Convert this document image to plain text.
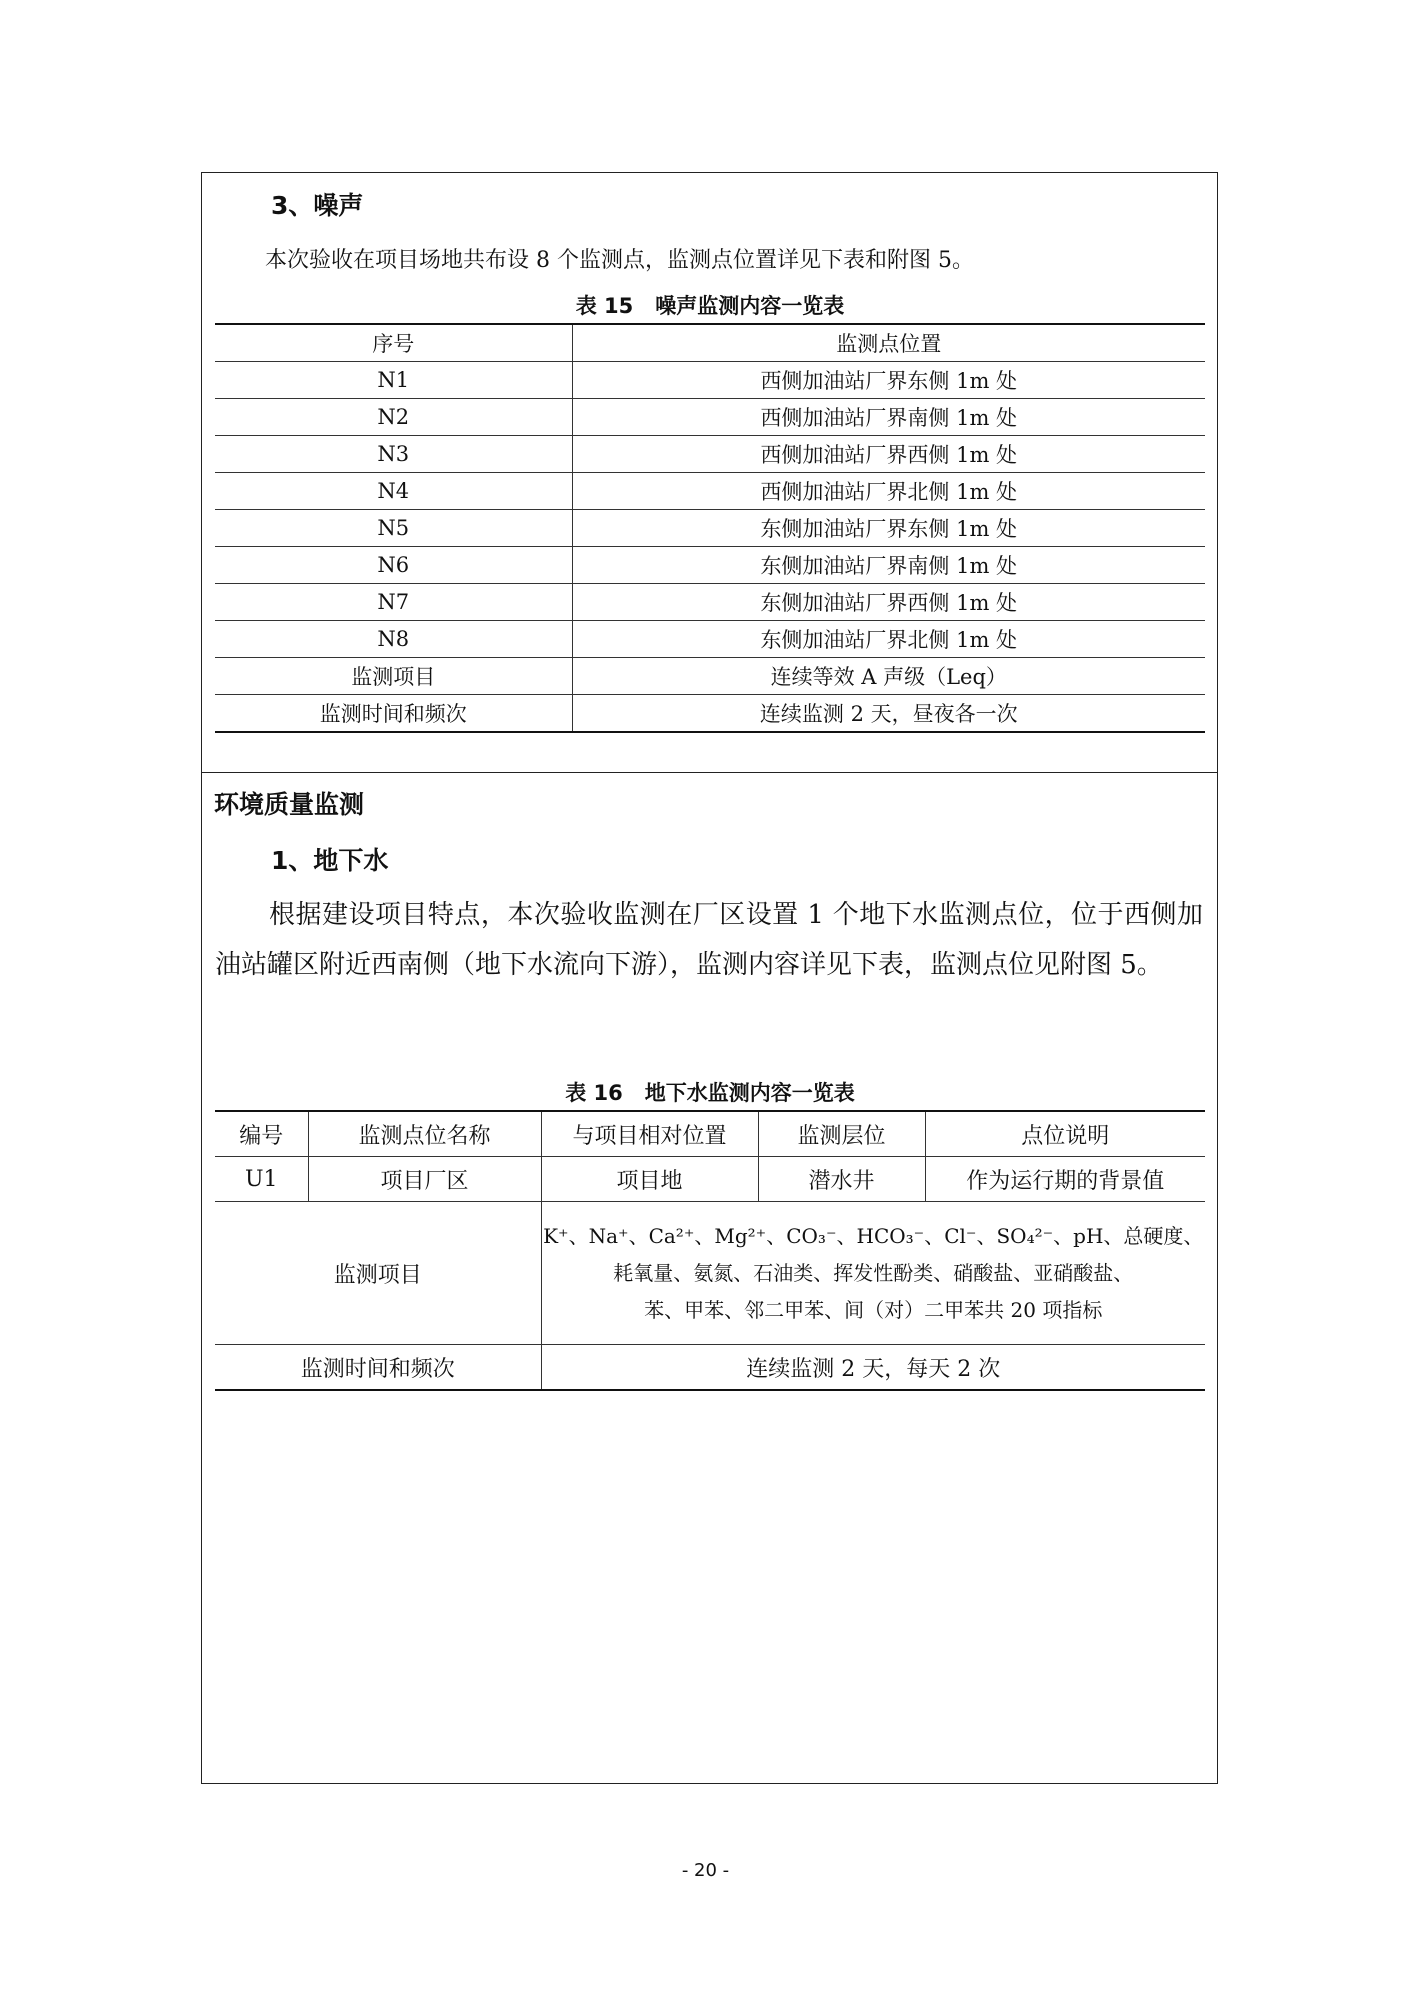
3、噪声
本次验收在项目场地共布设 8 个监测点，监测点位置详见下表和附图 5。
表 15 噪声监测内容一览表
序号	监测点位置
N1	西侧加油站厂界东侧 1m 处
N2	西侧加油站厂界南侧 1m 处
N3	西侧加油站厂界西侧 1m 处
N4	西侧加油站厂界北侧 1m 处
N5	东侧加油站厂界东侧 1m 处
N6	东侧加油站厂界南侧 1m 处
N7	东侧加油站厂界西侧 1m 处
N8	东侧加油站厂界北侧 1m 处
监测项目	连续等效 A 声级（Leq）
监测时间和频次	连续监测 2 天，昼夜各一次
环境质量监测
1、地下水
根据建设项目特点，本次验收监测在厂区设置 1 个地下水监测点位，位于西侧加油站罐区附近西南侧（地下水流向下游），监测内容详见下表，监测点位见附图 5。
表 16 地下水监测内容一览表
编号	监测点位名称	与项目相对位置	监测层位	点位说明
U1	项目厂区	项目地	潜水井	作为运行期的背景值
监测项目		K⁺、Na⁺、Ca²⁺、Mg²⁺、CO₃⁻、HCO₃⁻、Cl⁻、SO₄²⁻、pH、总硬度、
耗氧量、氨氮、石油类、挥发性酚类、硝酸盐、亚硝酸盐、
苯、甲苯、邻二甲苯、间（对）二甲苯共 20 项指标		

监测时间和频次		连续监测 2 天，每天 2 次		
- 20 -
